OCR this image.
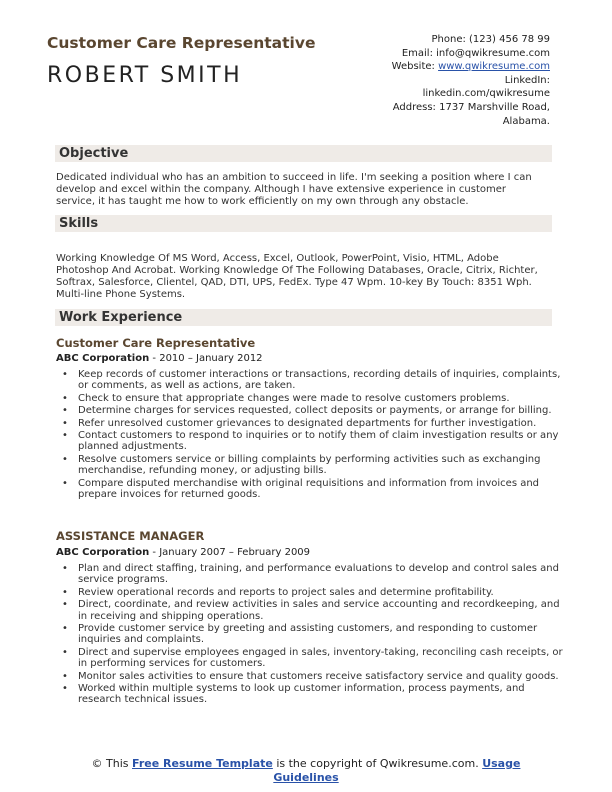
Customer Care Representative
ROBERT SMITH
Phone: (123) 456 78 99
Email: info@qwikresume.com
Website: www.qwikresume.com
LinkedIn:
linkedin.com/qwikresume
Address: 1737 Marshville Road,
Alabama.
Objective
Dedicated individual who has an ambition to succeed in life. I'm seeking a position where I can develop and excel within the company. Although I have extensive experience in customer service, it has taught me how to work efficiently on my own through any obstacle.
Skills
Working Knowledge Of MS Word, Access, Excel, Outlook, PowerPoint, Visio, HTML, Adobe Photoshop And Acrobat. Working Knowledge Of The Following Databases, Oracle, Citrix, Richter, Softrax, Salesforce, Clientel, QAD, DTI, UPS, FedEx. Type 47 Wpm. 10-key By Touch: 8351 Wph. Multi-line Phone Systems.
Work Experience
Customer Care Representative
ABC Corporation - 2010 – January 2012
• Keep records of customer interactions or transactions, recording details of inquiries, complaints, or comments, as well as actions, are taken.
• Check to ensure that appropriate changes were made to resolve customers problems.
• Determine charges for services requested, collect deposits or payments, or arrange for billing.
• Refer unresolved customer grievances to designated departments for further investigation.
• Contact customers to respond to inquiries or to notify them of claim investigation results or any planned adjustments.
• Resolve customers service or billing complaints by performing activities such as exchanging merchandise, refunding money, or adjusting bills.
• Compare disputed merchandise with original requisitions and information from invoices and prepare invoices for returned goods.
ASSISTANCE MANAGER
ABC Corporation - January 2007 – February 2009
• Plan and direct staffing, training, and performance evaluations to develop and control sales and service programs.
• Review operational records and reports to project sales and determine profitability.
• Direct, coordinate, and review activities in sales and service accounting and recordkeeping, and in receiving and shipping operations.
• Provide customer service by greeting and assisting customers, and responding to customer inquiries and complaints.
• Direct and supervise employees engaged in sales, inventory-taking, reconciling cash receipts, or in performing services for customers.
• Monitor sales activities to ensure that customers receive satisfactory service and quality goods.
• Worked within multiple systems to look up customer information, process payments, and research technical issues.
© This Free Resume Template is the copyright of Qwikresume.com. Usage
Guidelines
